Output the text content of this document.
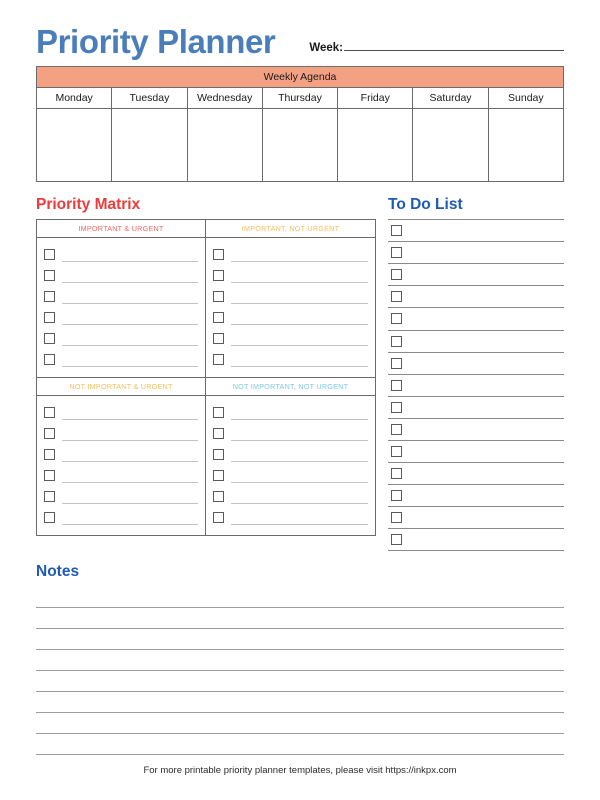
Priority Planner	Week:
Weekly Agenda
Monday	Tuesday	Wednesday	Thursday	Friday	Saturday	Sunday
Priority Matrix
IMPORTANT & URGENT	IMPORTANT, NOT URGENT
NOT IMPORTANT & URGENT	NOT IMPORTANT, NOT URGENT
To Do List
Notes
For more printable priority planner templates, please visit https://inkpx.com
